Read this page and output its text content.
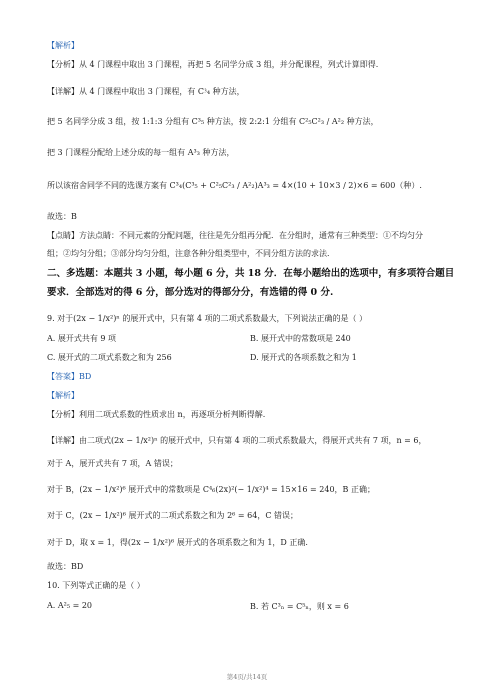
【解析】
【分析】从 4 门课程中取出 3 门课程，再把 5 名同学分成 3 组，并分配课程，列式计算即得.
【详解】从 4 门课程中取出 3 门课程，有 C⁳₄ 种方法，
把 5 名同学分成 3 组，按 1:1:3 分组有 C³₅ 种方法，按 2:2:1 分组有 C²₅C²₃ / A²₂ 种方法，
把 3 门课程分配给上述分成的每一组有 A³₃ 种方法，
所以该宿舍同学不同的选课方案有 C³₄(C³₅ + C²₅C²₃ / A²₂)A³₃ = 4×(10 + 10×3 / 2)×6 = 600（种）.
故选：B
【点睛】方法点睛：不同元素的分配问题，往往是先分组再分配．在分组时，通常有三种类型：①不均匀分
组；②均匀分组；③部分均匀分组，注意各种分组类型中，不同分组方法的求法．
二、多选题：本题共 3 小题，每小题 6 分，共 18 分．在每小题给出的选项中，有多项符合题目
要求．全部选对的得 6 分，部分选对的得部分分，有选错的得 0 分.
9. 对于(2x − 1/x²)ⁿ 的展开式中，只有第 4 项的二项式系数最大，下列说法正确的是（ ）
A. 展开式共有 9 项	B. 展开式中的常数项是 240
C. 展开式的二项式系数之和为 256	D. 展开式的各项系数之和为 1
【答案】BD
【解析】
【分析】利用二项式系数的性质求出 n，再逐项分析判断得解.
【详解】由二项式(2x − 1/x²)ⁿ 的展开式中，只有第 4 项的二项式系数最大，得展开式共有 7 项，n = 6，
对于 A，展开式共有 7 项，A 错误；
对于 B，(2x − 1/x²)⁶ 展开式中的常数项是 C⁴₆(2x)²(− 1/x²)⁴ = 15×16 = 240，B 正确；
对于 C，(2x − 1/x²)⁶ 展开式的二项式系数之和为 2⁶ = 64，C 错误；
对于 D，取 x = 1，得(2x − 1/x²)⁶ 展开式的各项系数之和为 1，D 正确.
故选：BD
10. 下列等式正确的是（ ）
A. A²₅ = 20	B. 若 C³ₙ = C⁵ₙ，则 x = 6
第4页/共14页
